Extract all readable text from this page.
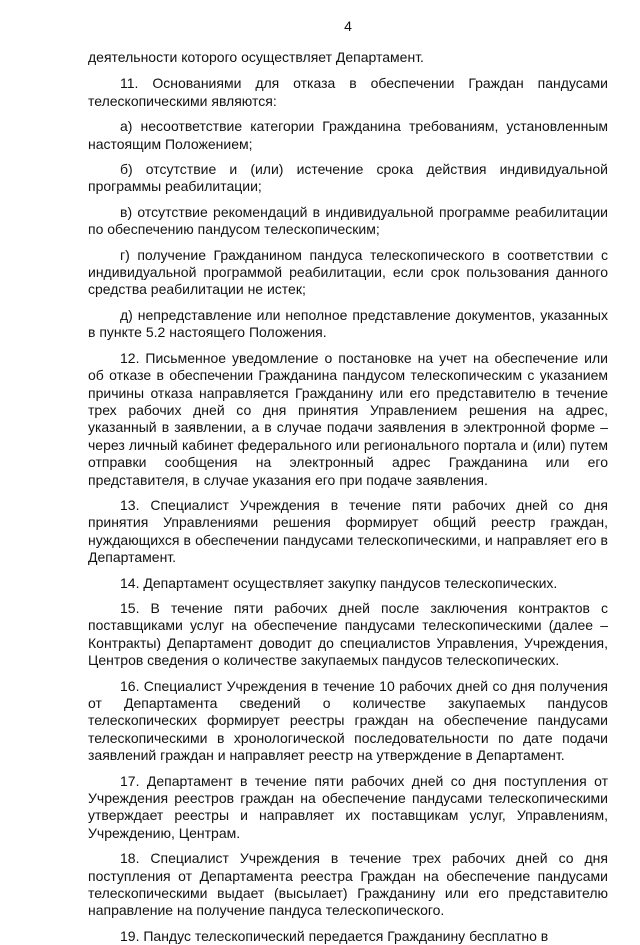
4

деятельности которого осуществляет Департамент.

11. Основаниями для отказа в обеспечении Граждан пандусами телескопическими являются:

а) несоответствие категории Гражданина требованиям, установленным настоящим Положением;

б) отсутствие и (или) истечение срока действия индивидуальной программы реабилитации;

в) отсутствие рекомендаций в индивидуальной программе реабилитации по обеспечению пандусом телескопическим;

г) получение Гражданином пандуса телескопического в соответствии с индивидуальной программой реабилитации, если срок пользования данного средства реабилитации не истек;

д) непредставление или неполное представление документов, указанных в пункте 5.2 настоящего Положения.

12. Письменное уведомление о постановке на учет на обеспечение или об отказе в обеспечении Гражданина пандусом телескопическим с указанием причины отказа направляется Гражданину или его представителю в течение трех рабочих дней со дня принятия Управлением решения на адрес, указанный в заявлении, а в случае подачи заявления в электронной форме – через личный кабинет федерального или регионального портала и (или) путем отправки сообщения на электронный адрес Гражданина или его представителя, в случае указания его при подаче заявления.

13. Специалист Учреждения в течение пяти рабочих дней со дня принятия Управлениями решения формирует общий реестр граждан, нуждающихся в обеспечении пандусами телескопическими, и направляет его в Департамент.

14. Департамент осуществляет закупку пандусов телескопических.

15. В течение пяти рабочих дней после заключения контрактов с поставщиками услуг на обеспечение пандусами телескопическими (далее – Контракты) Департамент доводит до специалистов Управления, Учреждения, Центров сведения о количестве закупаемых пандусов телескопических.

16. Специалист Учреждения в течение 10 рабочих дней со дня получения от Департамента сведений о количестве закупаемых пандусов телескопических формирует реестры граждан на обеспечение пандусами телескопическими в хронологической последовательности по дате подачи заявлений граждан и направляет реестр на утверждение в Департамент.

17. Департамент в течение пяти рабочих дней со дня поступления от Учреждения реестров граждан на обеспечение пандусами телескопическими утверждает реестры и направляет их поставщикам услуг, Управлениям, Учреждению, Центрам.

18. Специалист Учреждения в течение трех рабочих дней со дня поступления от Департамента реестра Граждан на обеспечение пандусами телескопическими выдает (высылает) Гражданину или его представителю направление на получение пандуса телескопического.

19. Пандус телескопический передается Гражданину бесплатно в
